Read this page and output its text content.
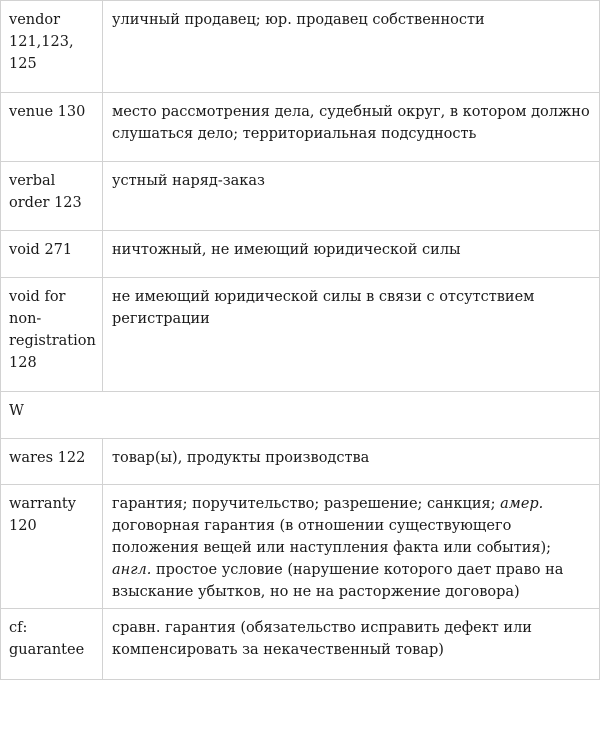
vendor 121,123, 125	уличный продавец; юр. продавец собственности

venue 130	место рассмотрения дела, судебный округ, в котором должно слушаться дело; территориальная подсудность

verbal order 123	устный наряд-заказ

void 271	ничтожный, не имеющий юридической силы

void for non-registration 128	не имеющий юридической силы в связи с отсутствием регистрации

W	

wares 122	товар(ы), продукты производства

warranty 120	гарантия; поручительство; разрешение; санкция; амер. договорная гарантия (в отношении существующего положения вещей или наступления факта или события); англ. простое условие (нарушение которого дает право на взыскание убытков, но не на расторжение договора)

cf: guarantee	сравн. гарантия (обязательство исправить дефект или компенсировать за некачественный товар)
